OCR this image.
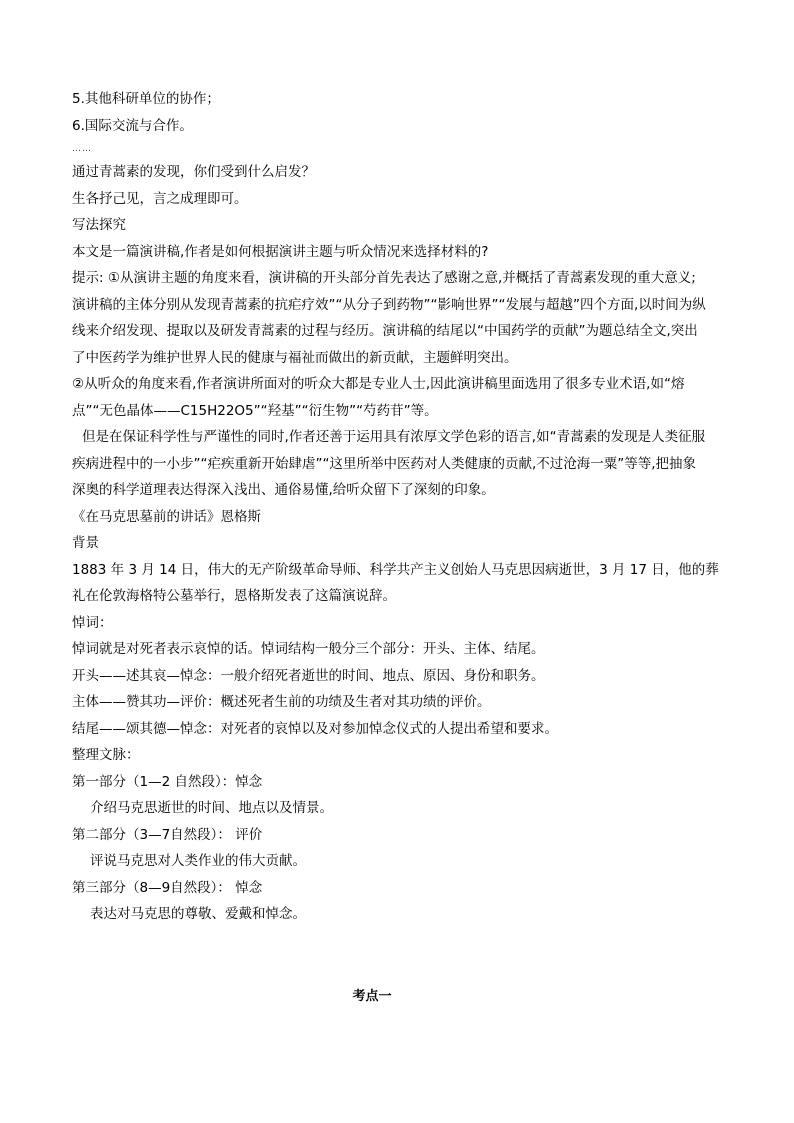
5.其他科研单位的协作；
6.国际交流与合作。
……
通过青蒿素的发现，你们受到什么启发？
生各抒己见，言之成理即可。
写法探究
本文是一篇演讲稿,作者是如何根据演讲主题与听众情况来选择材料的?
提示: ①从演讲主题的角度来看，演讲稿的开头部分首先表达了感谢之意,并概括了青蒿素发现的重大意义;
演讲稿的主体分别从发现青蒿素的抗疟疗效”“从分子到药物”“影响世界”“发展与超越”四个方面,以时间为纵
线来介绍发现、提取以及研发青蒿素的过程与经历。演讲稿的结尾以“中国药学的贡献”为题总结全文,突出
了中医药学为维护世界人民的健康与福祉而做出的新贡献，主题鲜明突出。
②从听众的角度来看,作者演讲所面对的听众大都是专业人士,因此演讲稿里面选用了很多专业术语,如“熔
点”“无色晶体——C15H22O5”“羟基”“衍生物”“芍药苷”等。
但是在保证科学性与严谨性的同时,作者还善于运用具有浓厚文学色彩的语言,如“青蒿素的发现是人类征服
疾病进程中的一小步”“疟疾重新开始肆虐”“这里所举中医药对人类健康的贡献,不过沧海一粟”等等,把抽象
深奥的科学道理表达得深入浅出、通俗易懂,给听众留下了深刻的印象。
《在马克思墓前的讲话》恩格斯
背景
1883 年 3 月 14 日，伟大的无产阶级革命导师、科学共产主义创始人马克思因病逝世，3 月 17 日，他的葬
礼在伦敦海格特公墓举行，恩格斯发表了这篇演说辞。
悼词：
悼词就是对死者表示哀悼的话。悼词结构一般分三个部分：开头、主体、结尾。
开头——述其哀—悼念：一般介绍死者逝世的时间、地点、原因、身份和职务。
主体——赞其功—评价：概述死者生前的功绩及生者对其功绩的评价。
结尾——颂其德—悼念：对死者的哀悼以及对参加悼念仪式的人提出希望和要求。
整理文脉：
第一部分（1—2 自然段）：悼念
介绍马克思逝世的时间、地点以及情景。
第二部分（3—7自然段）： 评价
评说马克思对人类作业的伟大贡献。
第三部分（8—9自然段）： 悼念
表达对马克思的尊敬、爱戴和悼念。
考点一
